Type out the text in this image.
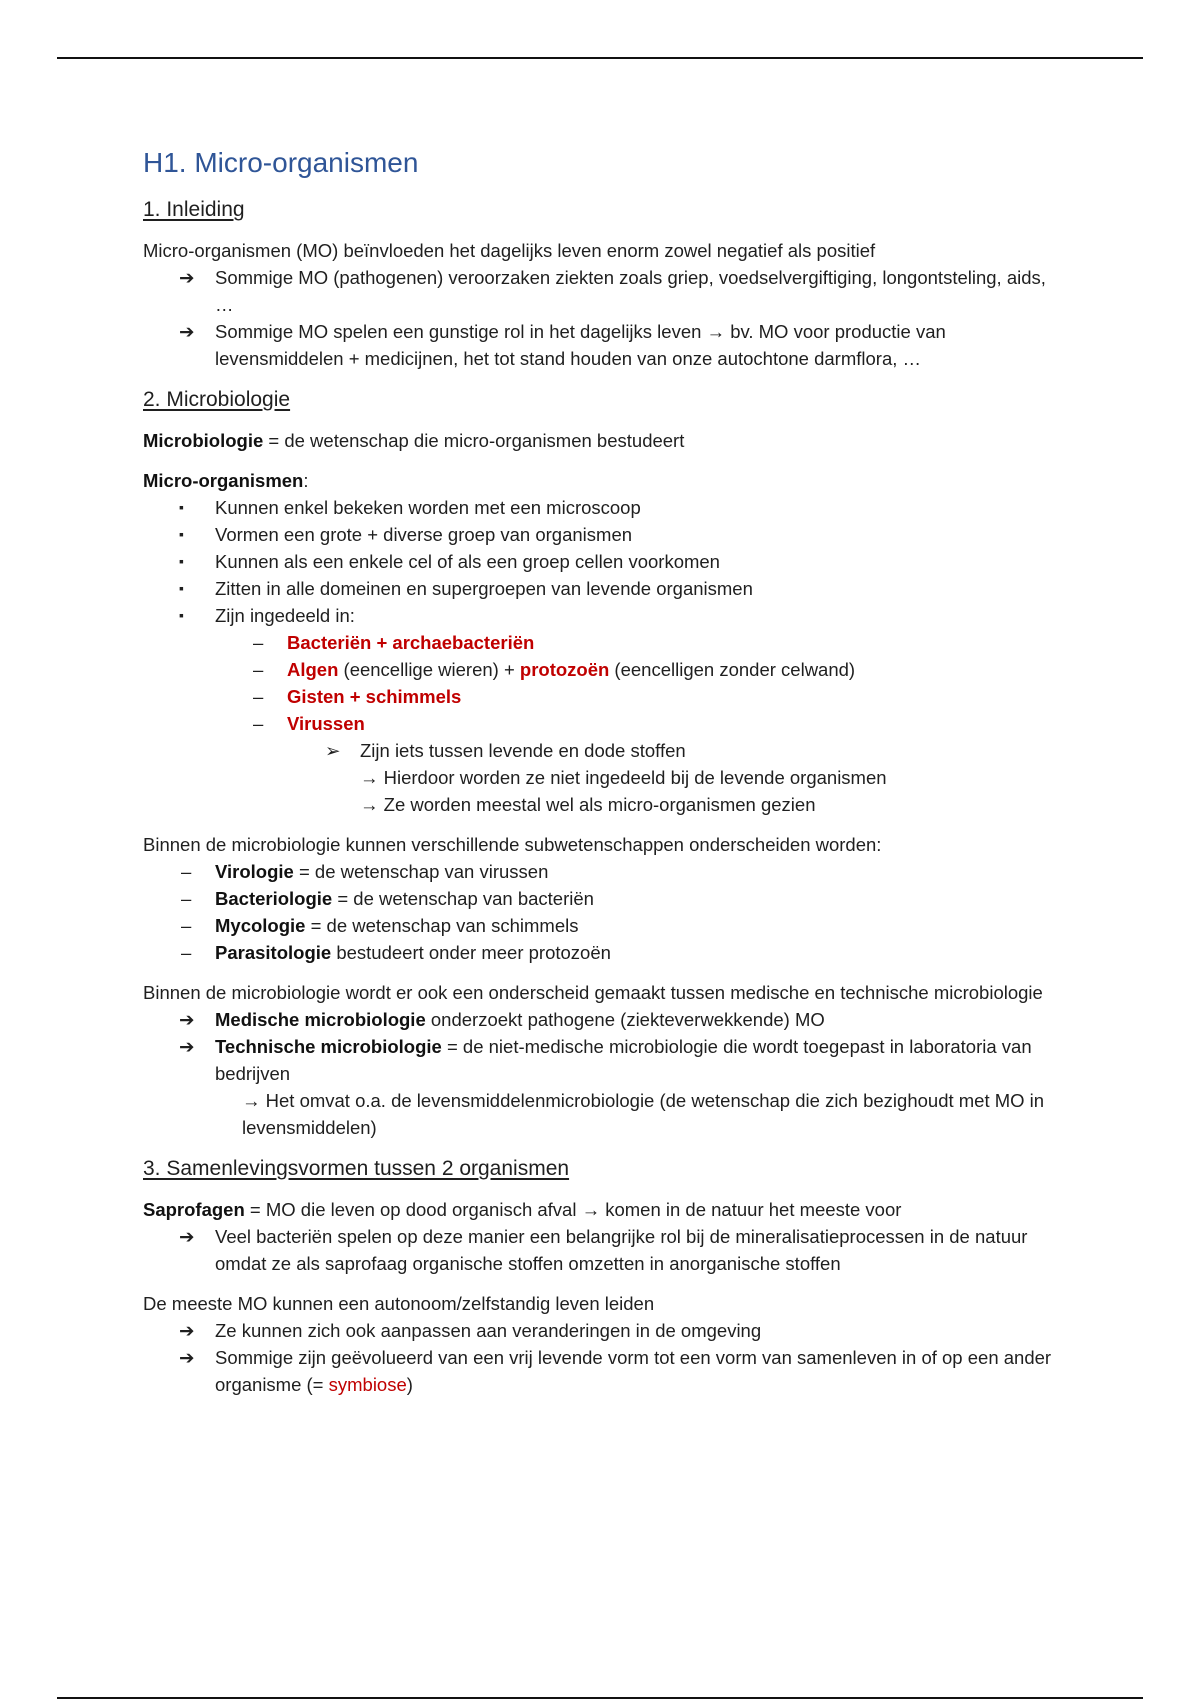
H1. Micro-organismen
1. Inleiding

Micro-organismen (MO) beïnvloeden het dagelijks leven enorm zowel negatief als positief

➔ Sommige MO (pathogenen) veroorzaken ziekten zoals griep, voedselvergiftiging, longontsteling, aids, …
➔ Sommige MO spelen een gunstige rol in het dagelijks leven → bv. MO voor productie van levensmiddelen + medicijnen, het tot stand houden van onze autochtone darmflora, …
2. Microbiologie

Microbiologie = de wetenschap die micro-organismen bestudeert

Micro-organismen:

▪ Kunnen enkel bekeken worden met een microscoop
▪ Vormen een grote + diverse groep van organismen
▪ Kunnen als een enkele cel of als een groep cellen voorkomen
▪ Zitten in alle domeinen en supergroepen van levende organismen
▪ Zijn ingedeeld in:
– Bacteriën + archaebacteriën
– Algen (eencellige wieren) + protozoën (eencelligen zonder celwand)
– Gisten + schimmels
– Virussen
➢ Zijn iets tussen levende en dode stoffen
→ Hierdoor worden ze niet ingedeeld bij de levende organismen
→ Ze worden meestal wel als micro-organismen gezien

Binnen de microbiologie kunnen verschillende subwetenschappen onderscheiden worden:

– Virologie = de wetenschap van virussen
– Bacteriologie = de wetenschap van bacteriën
– Mycologie = de wetenschap van schimmels
– Parasitologie bestudeert onder meer protozoën

Binnen de microbiologie wordt er ook een onderscheid gemaakt tussen medische en technische microbiologie

➔ Medische microbiologie onderzoekt pathogene (ziekteverwekkende) MO
➔ Technische microbiologie = de niet-medische microbiologie die wordt toegepast in laboratoria van bedrijven
→ Het omvat o.a. de levensmiddelenmicrobiologie (de wetenschap die zich bezighoudt met MO in levensmiddelen)
3. Samenlevingsvormen tussen 2 organismen

Saprofagen = MO die leven op dood organisch afval → komen in de natuur het meeste voor

➔ Veel bacteriën spelen op deze manier een belangrijke rol bij de mineralisatieprocessen in de natuur omdat ze als saprofaag organische stoffen omzetten in anorganische stoffen

De meeste MO kunnen een autonoom/zelfstandig leven leiden

➔ Ze kunnen zich ook aanpassen aan veranderingen in de omgeving
➔ Sommige zijn geëvolueerd van een vrij levende vorm tot een vorm van samenleven in of op een ander organisme (= symbiose)
